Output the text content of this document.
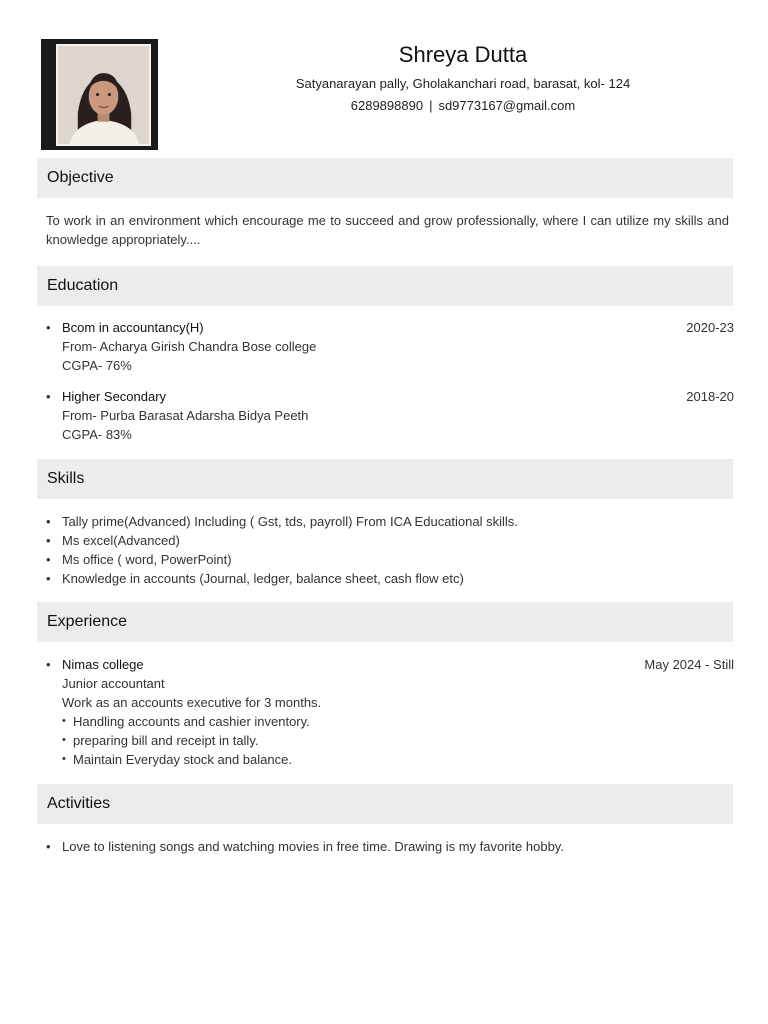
Shreya Dutta
Satyanarayan pally, Gholakanchari road, barasat, kol- 124
6289898890 | sd9773167@gmail.com
Objective
To work in an environment which encourage me to succeed and grow professionally, where I can utilize my skills and knowledge appropriately....
Education
• Bcom in accountancy(H)	2020-23
From- Acharya Girish Chandra Bose college
CGPA- 76%
• Higher Secondary	2018-20
From- Purba Barasat Adarsha Bidya Peeth
CGPA- 83%
Skills
• Tally prime(Advanced) Including ( Gst, tds, payroll) From ICA Educational skills.
• Ms excel(Advanced)
• Ms office ( word, PowerPoint)
• Knowledge in accounts (Journal, ledger, balance sheet, cash flow etc)
Experience
• Nimas college	May 2024 - Still
Junior accountant
Work as an accounts executive for 3 months.
• Handling accounts and cashier inventory.
• preparing bill and receipt in tally.
• Maintain Everyday stock and balance.
Activities
• Love to listening songs and watching movies in free time. Drawing is my favorite hobby.
